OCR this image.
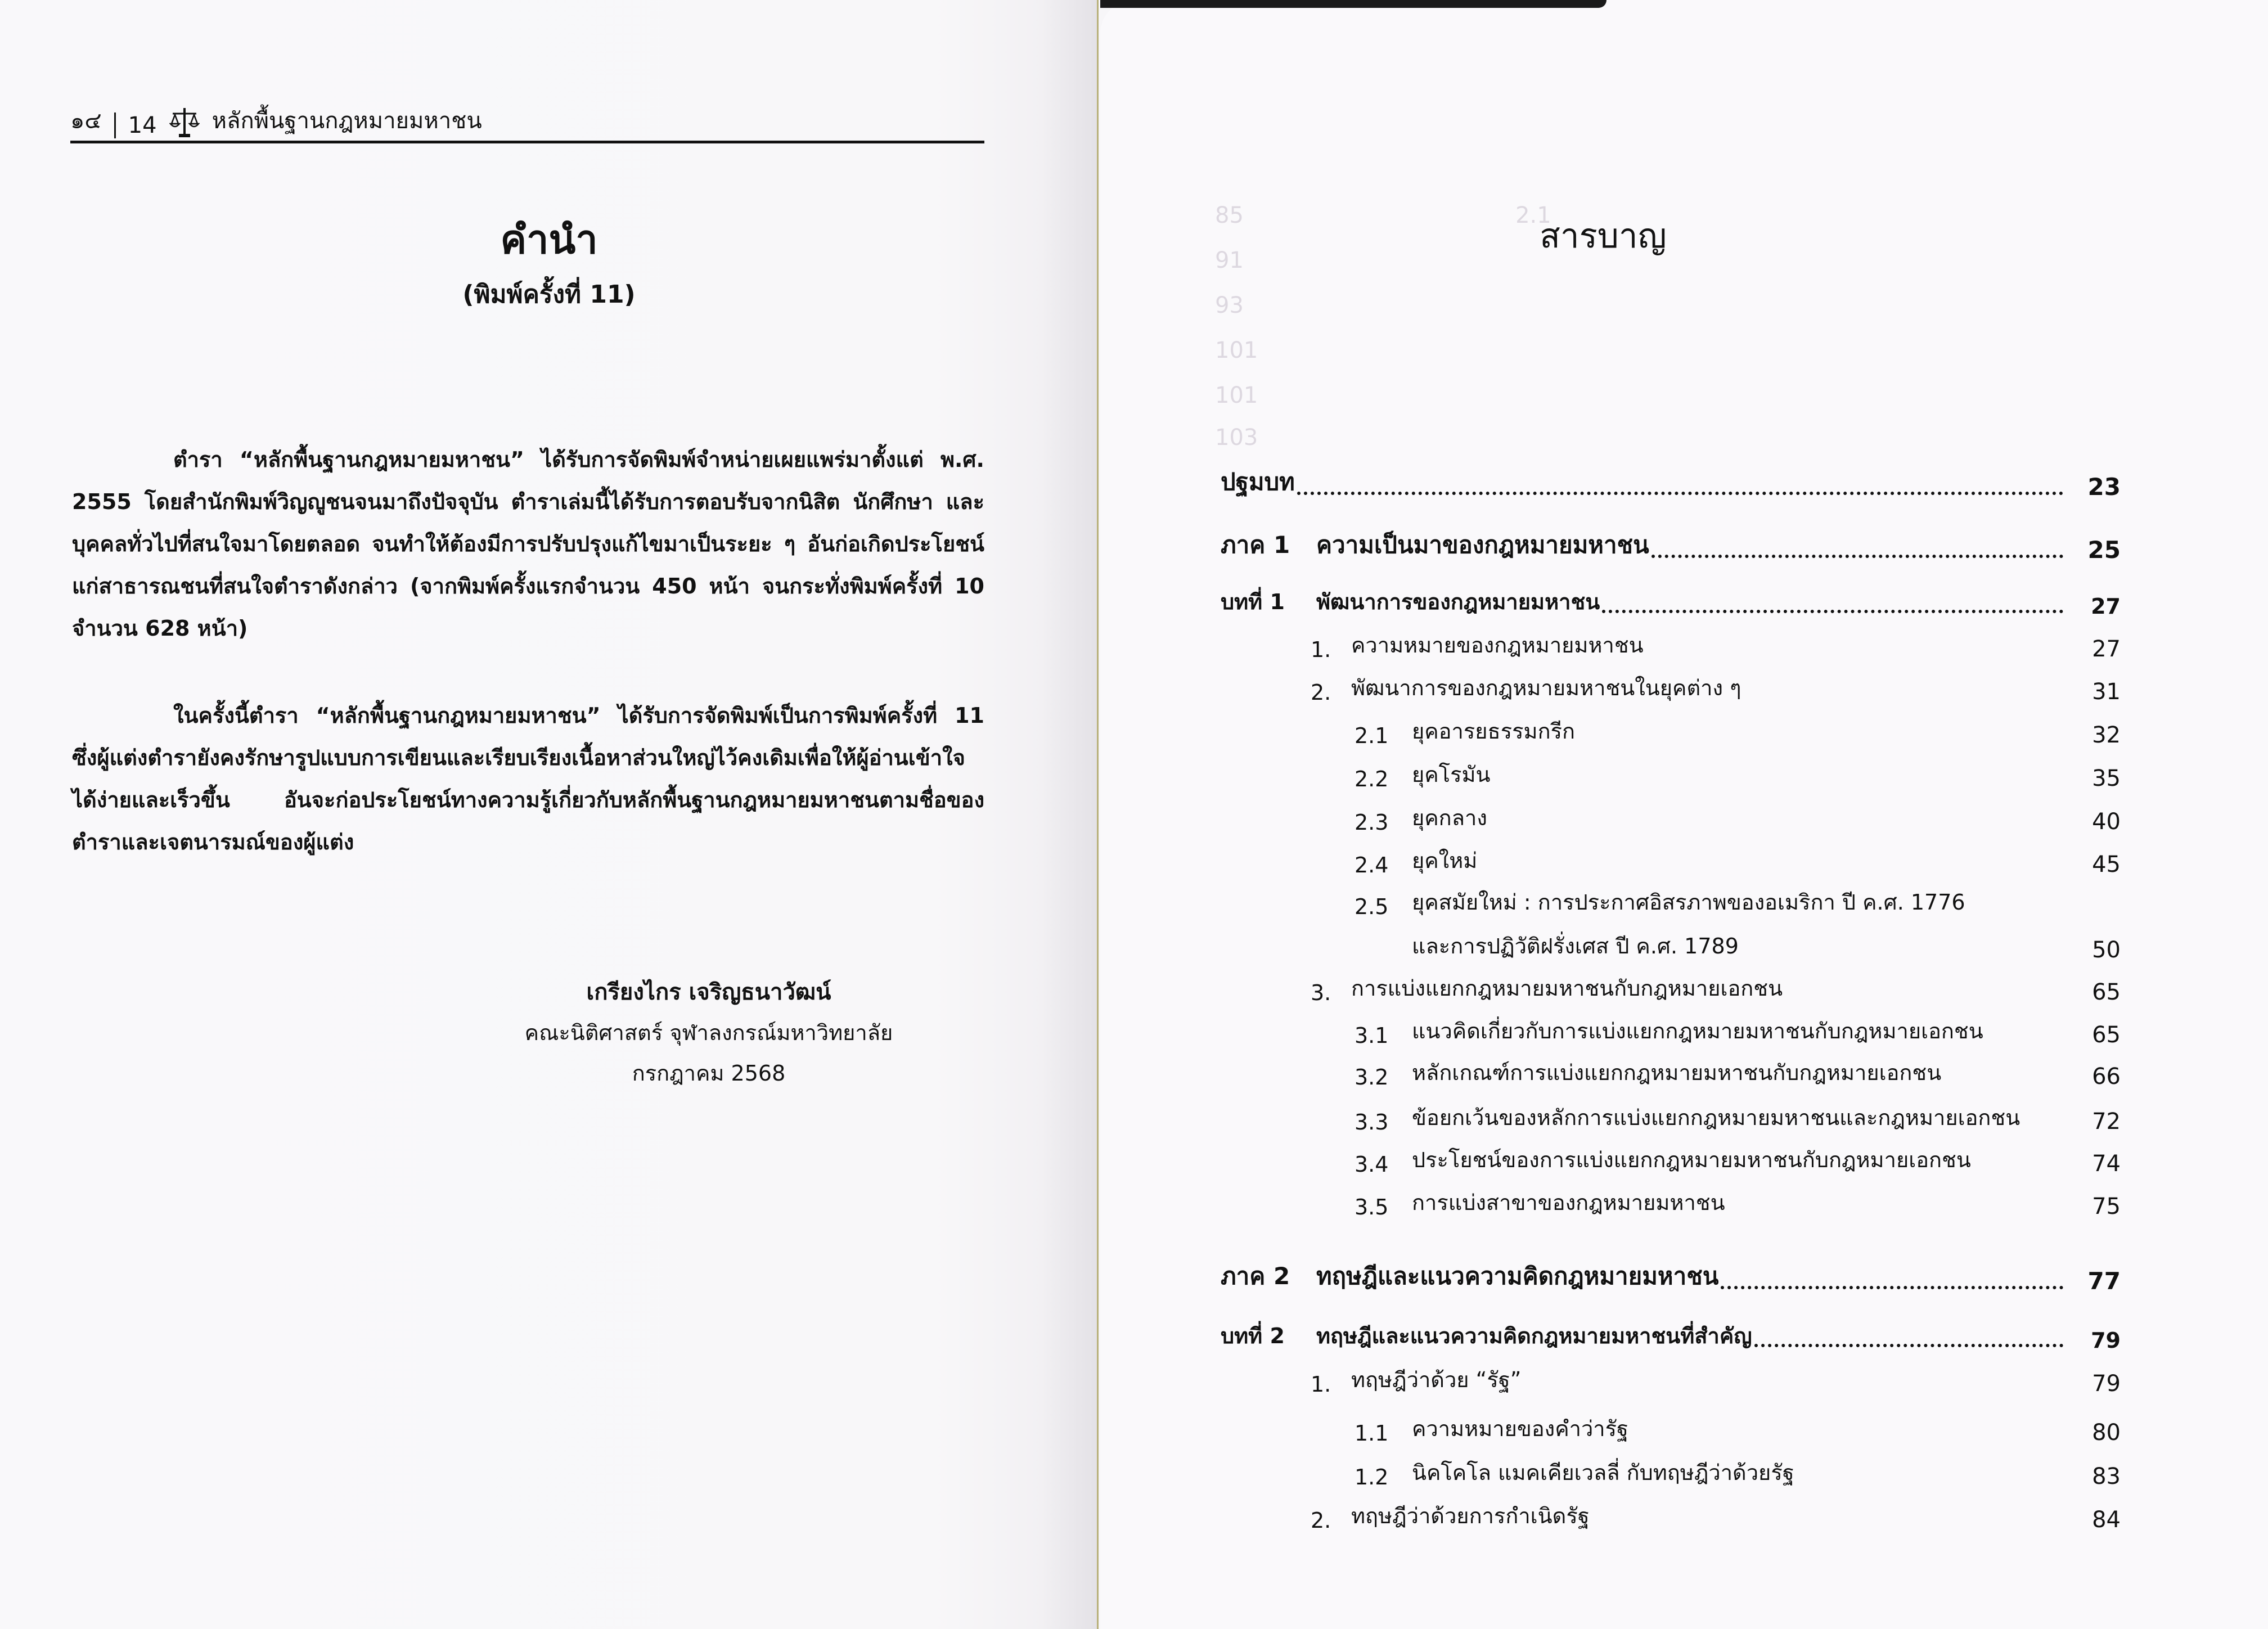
85                                      2.1
91
93
101
101
103
๑๔ 14 หลักพื้นฐานกฎหมายมหาชน
คำนำ
(พิมพ์ครั้งที่ 11)
ตำรา “หลักพื้นฐานกฎหมายมหาชน” ได้รับการจัดพิมพ์จำหน่ายเผยแพร่มาตั้งแต่ พ.ศ. 2555 โดยสำนักพิมพ์วิญญูชนจนมาถึงปัจจุบัน ตำราเล่มนี้ได้รับการตอบรับจากนิสิต นักศึกษา และบุคคลทั่วไปที่สนใจมาโดยตลอด จนทำให้ต้องมีการปรับปรุงแก้ไขมาเป็นระยะ ๆ อันก่อเกิดประโยชน์แก่สาธารณชนที่สนใจตำราดังกล่าว (จากพิมพ์ครั้งแรกจำนวน 450 หน้า จนกระทั่งพิมพ์ครั้งที่ 10 จำนวน 628 หน้า)
ในครั้งนี้ตำรา “หลักพื้นฐานกฎหมายมหาชน” ได้รับการจัดพิมพ์เป็นการพิมพ์ครั้งที่ 11 ซึ่งผู้แต่งตำรายังคงรักษารูปแบบการเขียนและเรียบเรียงเนื้อหาส่วนใหญ่ไว้คงเดิมเพื่อให้ผู้อ่านเข้าใจได้ง่ายและเร็วขึ้น อันจะก่อประโยชน์ทางความรู้เกี่ยวกับหลักพื้นฐานกฎหมายมหาชนตามชื่อของตำราและเจตนารมณ์ของผู้แต่ง
เกรียงไกร เจริญธนาวัฒน์
คณะนิติศาสตร์ จุฬาลงกรณ์มหาวิทยาลัย
กรกฎาคม 2568
สารบาญ
ปฐมบท	23
ภาค 1	ความเป็นมาของกฎหมายมหาชน	25
บทที่ 1	พัฒนาการของกฎหมายมหาชน	27
1. ความหมายของกฎหมายมหาชน	27
2. พัฒนาการของกฎหมายมหาชนในยุคต่าง ๆ	31
2.1	ยุคอารยธรรมกรีก	32
2.2	ยุคโรมัน	35
2.3	ยุคกลาง	40
2.4	ยุคใหม่	45
2.5	ยุคสมัยใหม่ : การประกาศอิสรภาพของอเมริกา ปี ค.ศ. 1776
และการปฏิวัติฝรั่งเศส ปี ค.ศ. 1789	50
3. การแบ่งแยกกฎหมายมหาชนกับกฎหมายเอกชน	65
3.1	แนวคิดเกี่ยวกับการแบ่งแยกกฎหมายมหาชนกับกฎหมายเอกชน	65
3.2	หลักเกณฑ์การแบ่งแยกกฎหมายมหาชนกับกฎหมายเอกชน	66
3.3	ข้อยกเว้นของหลักการแบ่งแยกกฎหมายมหาชนและกฎหมายเอกชน	72
3.4	ประโยชน์ของการแบ่งแยกกฎหมายมหาชนกับกฎหมายเอกชน	74
3.5	การแบ่งสาขาของกฎหมายมหาชน	75
ภาค 2	ทฤษฎีและแนวความคิดกฎหมายมหาชน	77
บทที่ 2	ทฤษฎีและแนวความคิดกฎหมายมหาชนที่สำคัญ	79
1. ทฤษฎีว่าด้วย “รัฐ”	79
1.1	ความหมายของคำว่ารัฐ	80
1.2	นิคโคโล แมคเคียเวลลี่ กับทฤษฎีว่าด้วยรัฐ	83
2. ทฤษฎีว่าด้วยการกำเนิดรัฐ	84
